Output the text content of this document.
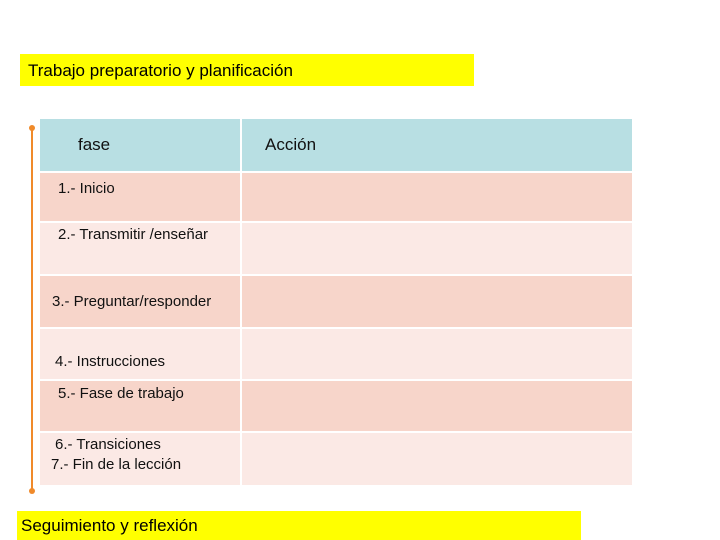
Trabajo preparatorio y planificación
fase	Acción
1.- Inicio	
2.- Transmitir /enseñar	
3.- Preguntar/responder	
4.- Instrucciones	
5.- Fase de trabajo	
6.- Transiciones	
7.- Fin de la lección
Seguimiento y reflexión
